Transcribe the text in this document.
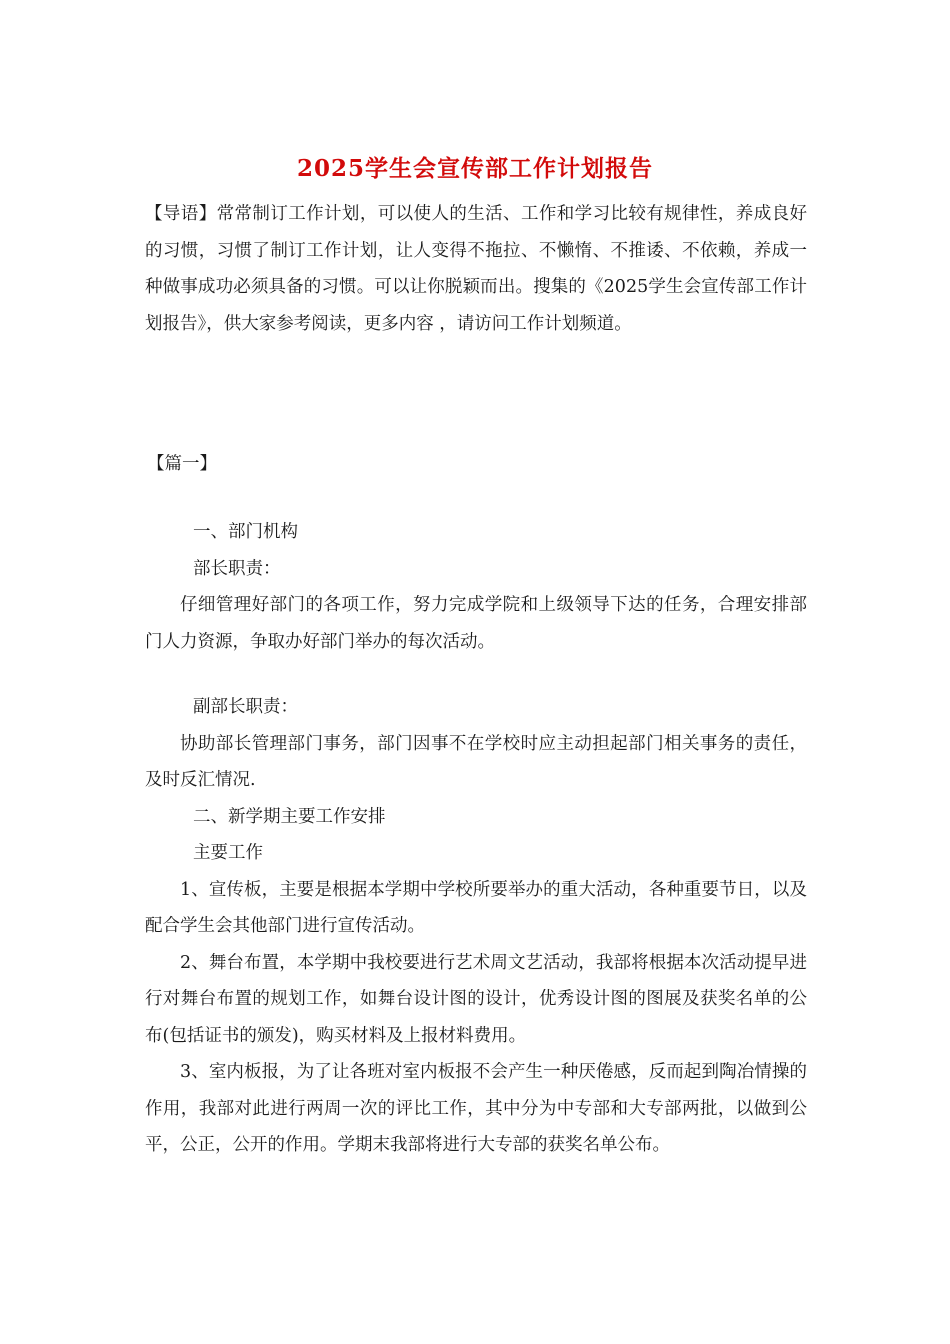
2025学生会宣传部工作计划报告

【导语】常常制订工作计划，可以使人的生活、工作和学习比较有规律性，养成良好的习惯，习惯了制订工作计划，让人变得不拖拉、不懒惰、不推诿、不依赖，养成一种做事成功必须具备的习惯。可以让你脱颖而出。搜集的《2025学生会宣传部工作计划报告》，供大家参考阅读，更多内容 ，请访问工作计划频道。

【篇一】
一、部门机构
部长职责：

仔细管理好部门的各项工作，努力完成学院和上级领导下达的任务，合理安排部门人力资源，争取办好部门举办的每次活动。

副部长职责：

协助部长管理部门事务，部门因事不在学校时应主动担起部门相关事务的责任，及时反汇情况.

二、新学期主要工作安排
主要工作

1、宣传板，主要是根据本学期中学校所要举办的重大活动，各种重要节日，以及配合学生会其他部门进行宣传活动。

2、舞台布置，本学期中我校要进行艺术周文艺活动，我部将根据本次活动提早进行对舞台布置的规划工作，如舞台设计图的设计，优秀设计图的图展及获奖名单的公布(包括证书的颁发)，购买材料及上报材料费用。

3、室内板报，为了让各班对室内板报不会产生一种厌倦感，反而起到陶冶情操的作用，我部对此进行两周一次的评比工作，其中分为中专部和大专部两批，以做到公平，公正，公开的作用。学期末我部将进行大专部的获奖名单公布。
